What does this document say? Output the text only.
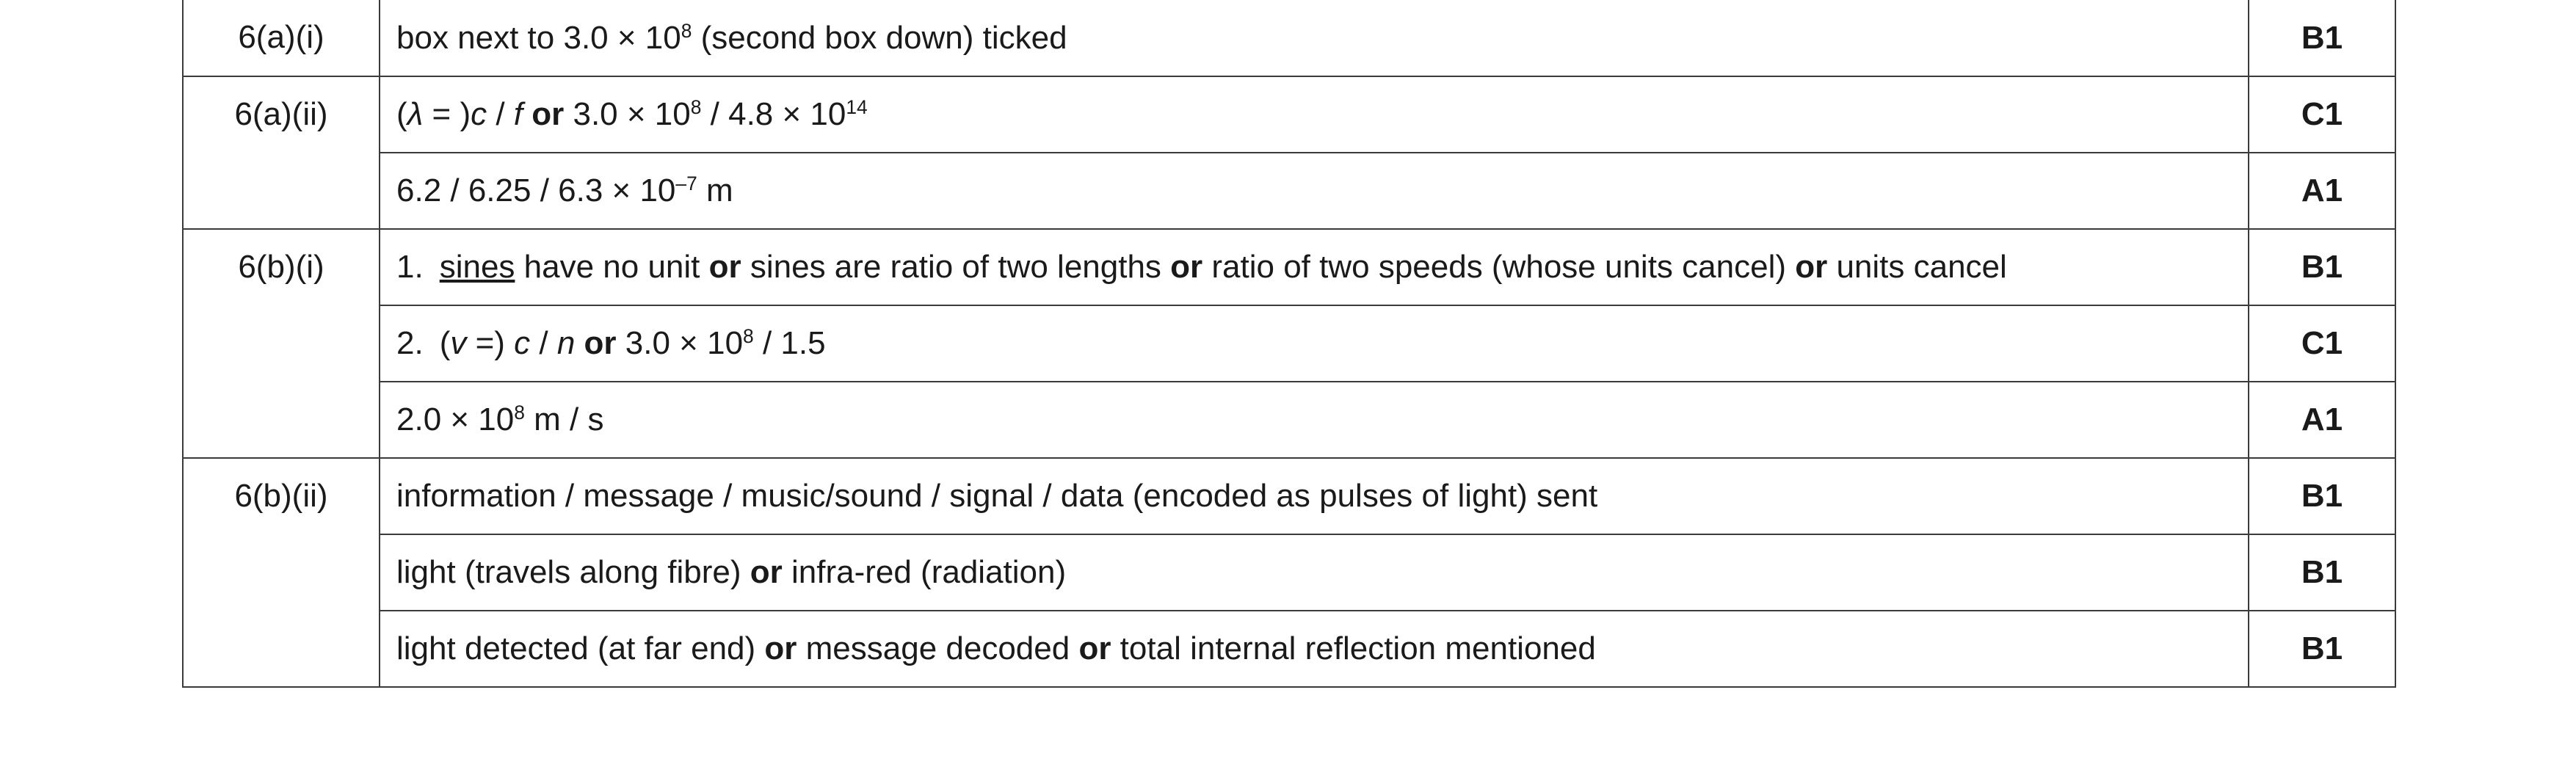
6(a)(i)	box next to $3.0 \times 10^8$ (second box down) ticked	B1
6(a)(ii)	(λ = )c / f or $3.0 \times 10^8 / 4.8 \times 10^{14}$	C1
	$6.2 / 6.25 / 6.3 \times 10^{-7}$ m	A1
6(b)(i)	1. sines have no unit or sines are ratio of two lengths or ratio of two speeds (whose units cancel) or units cancel	B1
	2. (v =) c / n or $3.0 \times 10^8 / 1.5$	C1
	$2.0 \times 10^8$ m / s	A1
6(b)(ii)	information / message / music/sound / signal / data (encoded as pulses of light) sent	B1
	light (travels along fibre) or infra-red (radiation)	B1
	light detected (at far end) or message decoded or total internal reflection mentioned	B1
